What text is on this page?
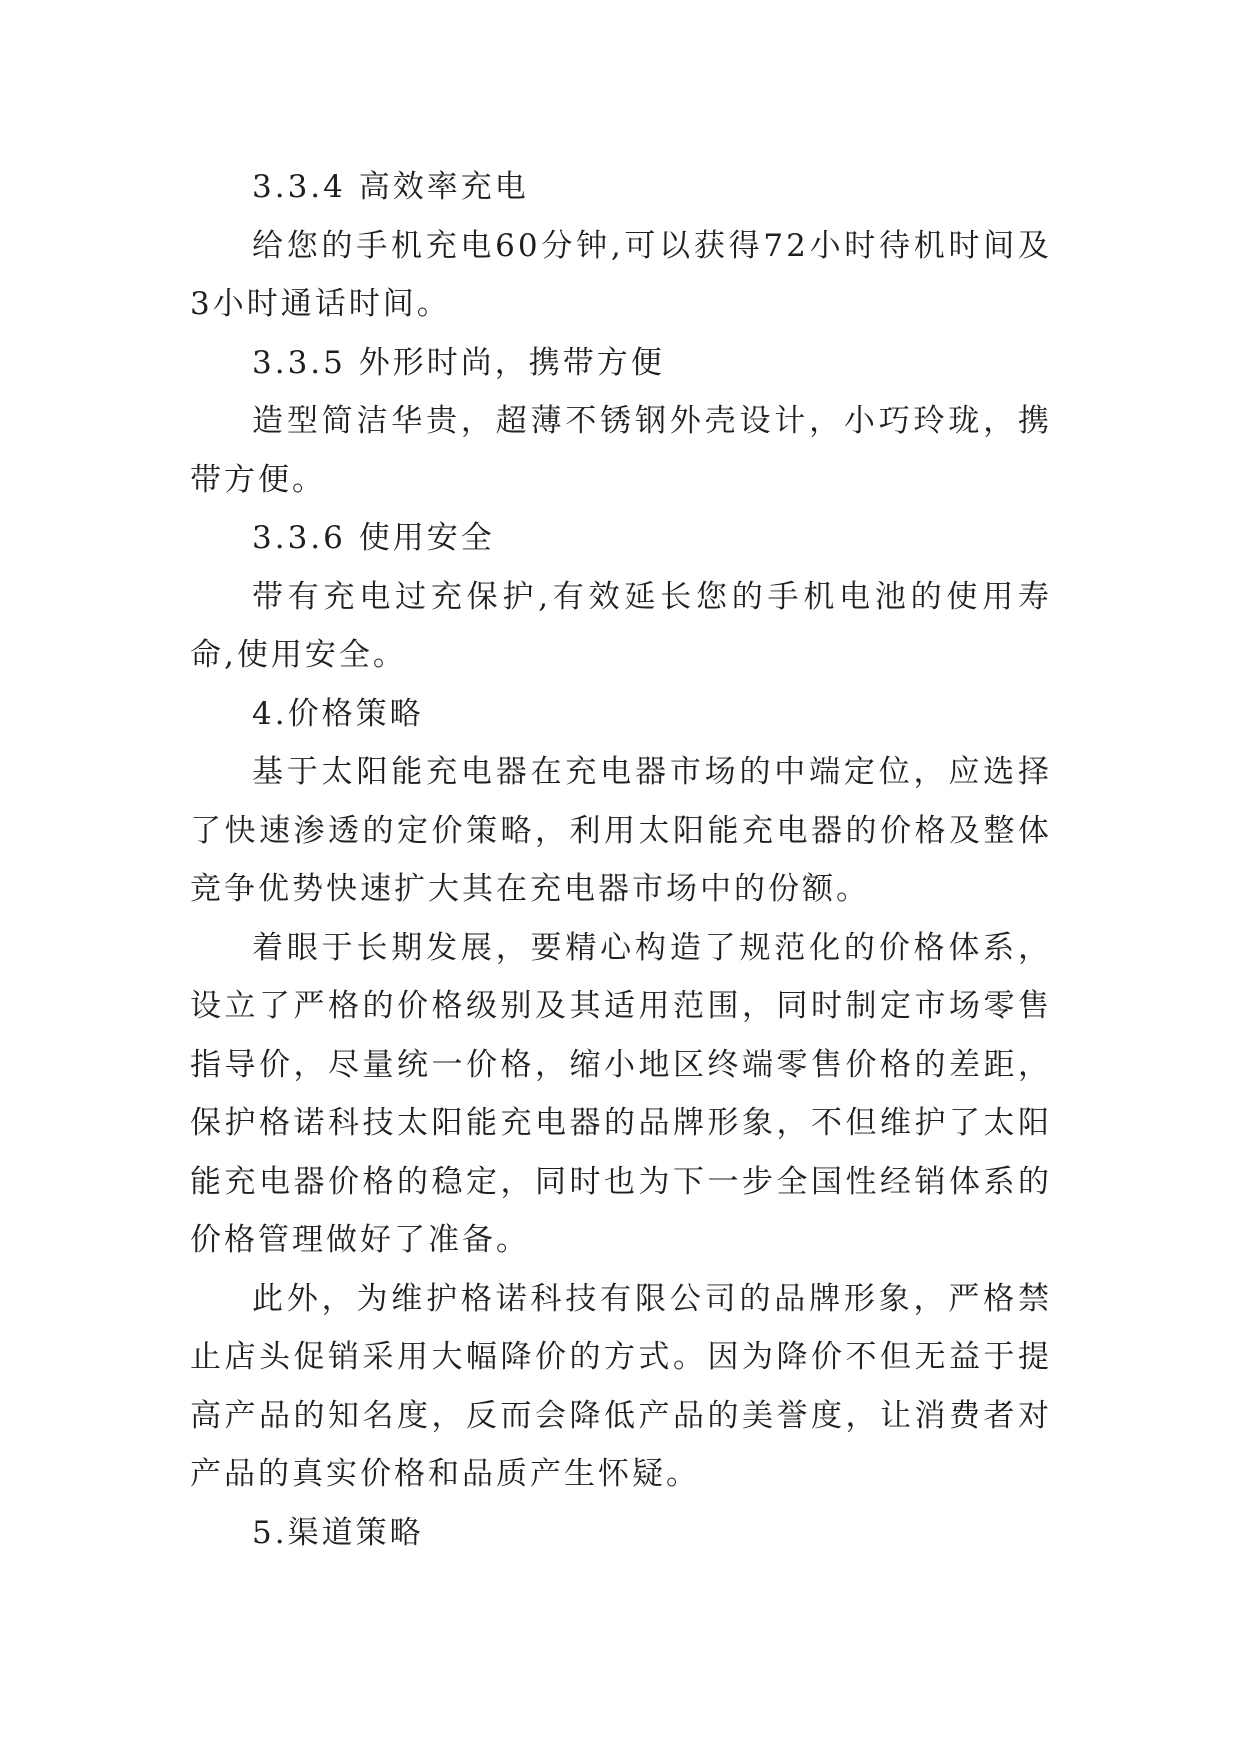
3.3.4 高效率充电

给您的手机充电60分钟,可以获得72小时待机时间及3小时通话时间。

3.3.5 外形时尚，携带方便

造型简洁华贵，超薄不锈钢外壳设计，小巧玲珑，携带方便。

3.3.6 使用安全

带有充电过充保护,有效延长您的手机电池的使用寿命,使用安全。

4.价格策略

基于太阳能充电器在充电器市场的中端定位，应选择了快速渗透的定价策略，利用太阳能充电器的价格及整体竞争优势快速扩大其在充电器市场中的份额。

着眼于长期发展，要精心构造了规范化的价格体系，设立了严格的价格级别及其适用范围，同时制定市场零售指导价，尽量统一价格，缩小地区终端零售价格的差距，保护格诺科技太阳能充电器的品牌形象，不但维护了太阳能充电器价格的稳定，同时也为下一步全国性经销体系的价格管理做好了准备。

此外，为维护格诺科技有限公司的品牌形象，严格禁止店头促销采用大幅降价的方式。因为降价不但无益于提高产品的知名度，反而会降低产品的美誉度，让消费者对产品的真实价格和品质产生怀疑。

5.渠道策略
